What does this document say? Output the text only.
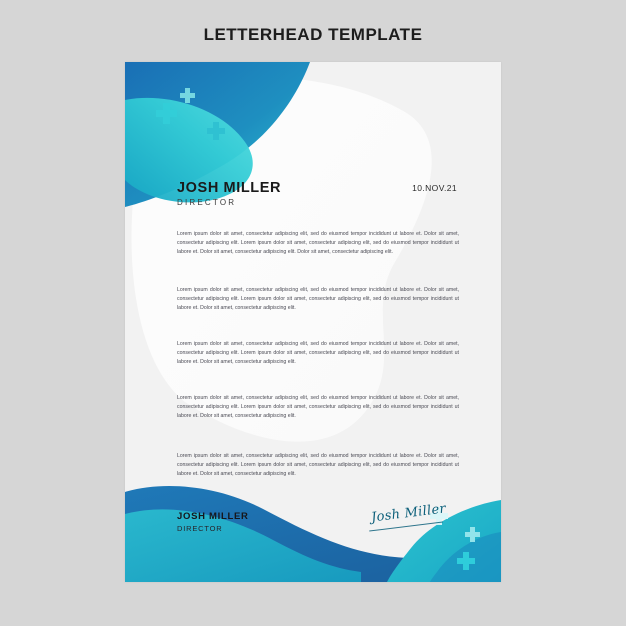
LETTERHEAD TEMPLATE
JOSH MILLER
DIRECTOR
10.NOV.21
Lorem ipsum dolor sit amet, consectetur adipiscing elit, sed do eiusmod tempor incididunt ut labore et. Dolor sit amet, consectetur adipiscing elit. Lorem ipsum dolor sit amet, consectetur adipiscing elit, sed do eiusmod tempor incididunt ut labore et. Dolor sit amet, consectetur adipiscing elit. Dolor sit amet, consectetur adipiscing elit.
Lorem ipsum dolor sit amet, consectetur adipiscing elit, sed do eiusmod tempor incididunt ut labore et. Dolor sit amet, consectetur adipiscing elit. Lorem ipsum dolor sit amet, consectetur adipiscing elit, sed do eiusmod tempor incididunt ut labore et. Dolor sit amet, consectetur adipiscing elit.
Lorem ipsum dolor sit amet, consectetur adipiscing elit, sed do eiusmod tempor incididunt ut labore et. Dolor sit amet, consectetur adipiscing elit. Lorem ipsum dolor sit amet, consectetur adipiscing elit, sed do eiusmod tempor incididunt ut labore et. Dolor sit amet, consectetur adipiscing elit.
Lorem ipsum dolor sit amet, consectetur adipiscing elit, sed do eiusmod tempor incididunt ut labore et. Dolor sit amet, consectetur adipiscing elit. Lorem ipsum dolor sit amet, consectetur adipiscing elit, sed do eiusmod tempor incididunt ut labore et. Dolor sit amet, consectetur adipiscing elit.
Lorem ipsum dolor sit amet, consectetur adipiscing elit, sed do eiusmod tempor incididunt ut labore et. Dolor sit amet, consectetur adipiscing elit. Lorem ipsum dolor sit amet, consectetur adipiscing elit, sed do eiusmod tempor incididunt ut labore et. Dolor sit amet, consectetur adipiscing elit.
JOSH MILLER
DIRECTOR
Josh Miller
